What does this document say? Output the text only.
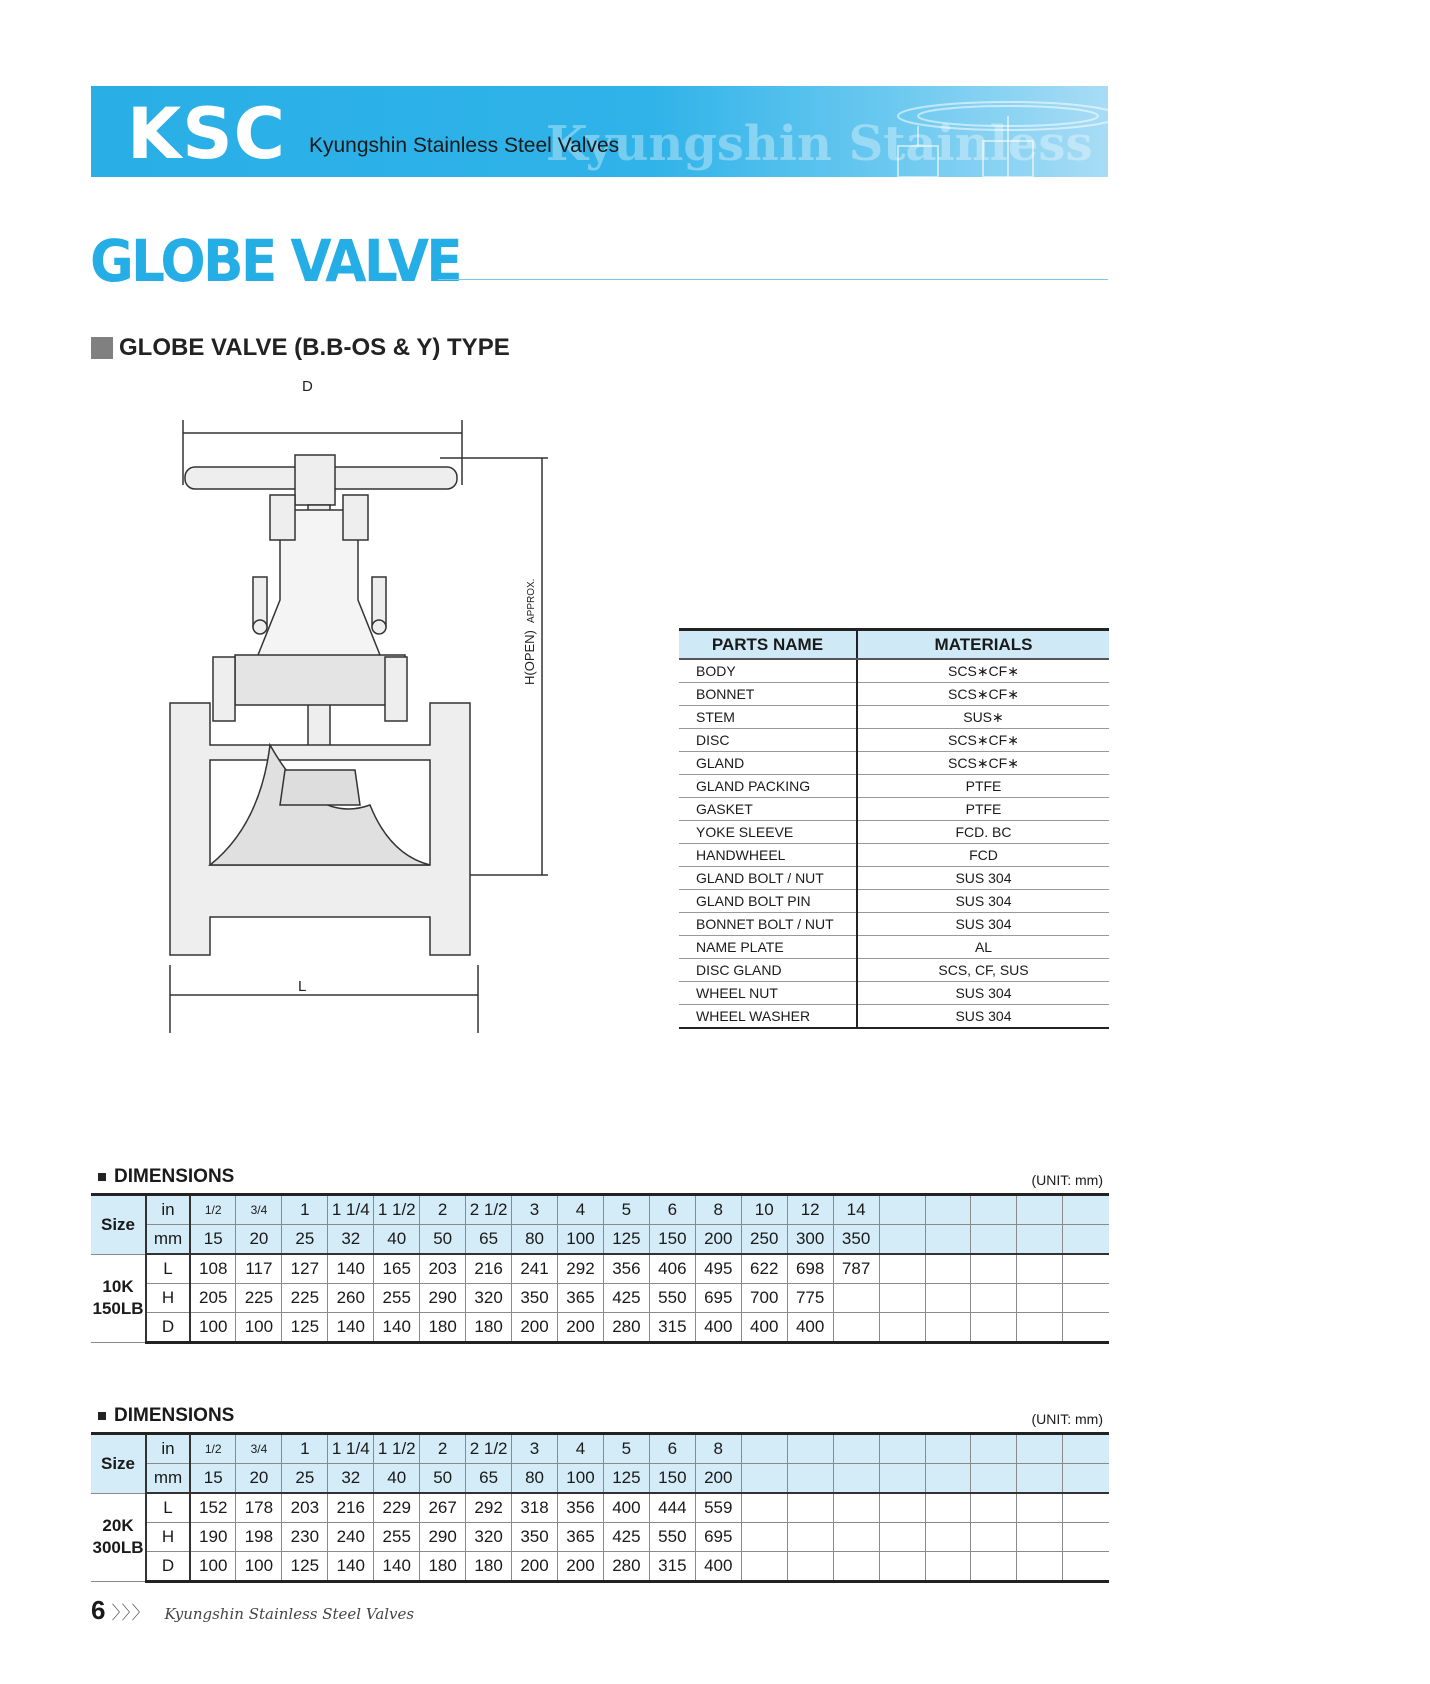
Kyungshin Stainless Steel Valves
KSC Kyungshin Stainless Steel Valves
GLOBE VALVE
GLOBE VALVE (B.B-OS & Y) TYPE
D
L
H(OPEN)
APPROX.
PARTS NAME	MATERIALS
BODY	SCS∗CF∗
BONNET	SCS∗CF∗
STEM	SUS∗
DISC	SCS∗CF∗
GLAND	SCS∗CF∗
GLAND PACKING	PTFE
GASKET	PTFE
YOKE SLEEVE	FCD. BC
HANDWHEEL	FCD
GLAND BOLT / NUT	SUS 304
GLAND BOLT PIN	SUS 304
BONNET BOLT / NUT	SUS 304
NAME PLATE	AL
DISC GLAND	SCS, CF, SUS
WHEEL NUT	SUS 304
WHEEL WASHER	SUS 304
DIMENSIONS	(UNIT: mm)
Size	in	1/2	3/4	1	1 1/4	1 1/2	2	2 1/2	3	4	5	6	8	10	12	14					
	mm	15	20	25	32	40	50	65	80	100	125	150	200	250	300	350					

10K
150LB	L	108	117	127	140	165	203	216	241	292	356	406	495	622	698	787					
	H	205	225	225	260	255	290	320	350	365	425	550	695	700	775						
	D	100	100	125	140	140	180	180	200	200	280	315	400	400	400						
DIMENSIONS	(UNIT: mm)
Size	in	1/2	3/4	1	1 1/4	1 1/2	2	2 1/2	3	4	5	6	8								
	mm	15	20	25	32	40	50	65	80	100	125	150	200								

20K
300LB	L	152	178	203	216	229	267	292	318	356	400	444	559								
	H	190	198	230	240	255	290	320	350	365	425	550	695								
	D	100	100	125	140	140	180	180	200	200	280	315	400								
6 〉〉〉 Kyungshin Stainless Steel Valves
